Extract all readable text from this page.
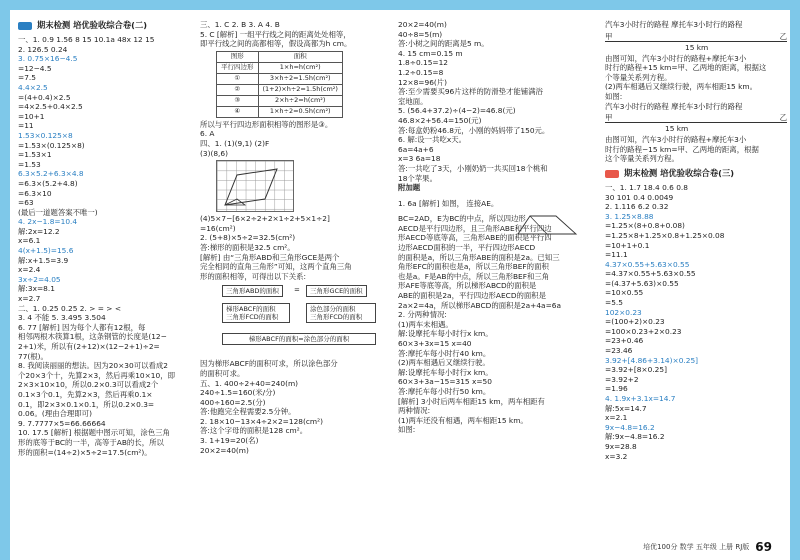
期末检测 培优验收综合卷(二)
一、1. 0.9 1.56 8 15 10.1a 48x 12 15
2. 126.5 0.24
3. 0.75×16−4.5
=12−4.5
=7.5
4.4×2.5
=(4+0.4)×2.5
=4×2.5+0.4×2.5
=10+1
=11
1.53×0.125×8
=1.53×(0.125×8)
=1.53×1
=1.53
6.3×5.2+6.3×4.8
=6.3×(5.2+4.8)
=6.3×10
=63
(最后一道题答案不唯一)
4. 2x−1.8=10.4
解:2x=12.2
x=6.1
4(x+1.5)=15.6
解:x+1.5=3.9
x=2.4
3x÷2=4.05
解:3x=8.1
x=2.7
二、1. 0.25 0.25 2. > = > <
3. 4 不能 5. 3.495 3.504
6. 77 [解析] 因为每个人都有12根，每
相邻两根木筷算1根，这条钢管的长度是(12−
2+1)米，所以有(2+12)×(12−2+1)÷2=
77(根)。
8. 我阅读丽丽的想法。因为20×30可以看成2
个20×3个十，先算2×3，然后再乘10×10，即
2×3×10×10，所以0.2×0.3可以看成2个
0.1×3个0.1，先算2×3，然后再乘0.1×
0.1，即2×3×0.1×0.1，所以0.2×0.3=
0.06。(理由合理即可)
9. 7.7777×5=66.66664
10. 17.5 [解析] 根据题中图示可知，涂色三角
形的底等于BC的一半，高等于AB的长，所以
形的面积=(14÷2)×5÷2=17.5(cm²)。
三、1. C 2. B 3. A 4. B
5. C [解析] 一组平行线之间的距离处处相等，
即平行线之间的高都相等，假设高都为h cm。
图形	面积
平行四边形	1×h=h(cm²)
①	3×h÷2=1.5h(cm²)
②	(1+2)×h÷2=1.5h(cm²)
③	2×h÷2=h(cm²)
④	1×h÷2=0.5h(cm²)
所以与平行四边形面积相等的图形是③。
6. A
四、1. (1)(9,1) (2)F
(3)(8,6)
(4)5×7−[6×2÷2+2×1÷2+5×1÷2]
=16(cm²)
2. (5+8)×5÷2=32.5(cm²)
答:梯形的面积是32.5 cm²。
[解析] 由“三角形ABD和三角形GCE是两个
完全相同的直角三角形”可知，这两个直角三角
形的面积相等，可得出以下关系:
三角形ABD的面积	=	三角形GCE的面积
梯形ABCF的面积
三角形FCD的面积
涂色部分的面积
三角形FCD的面积
梯形ABCF的面积=涂色部分的面积
因为梯形ABCF的面积可求，所以涂色部分
的面积可求。
五、1. 400÷2+40=240(m)
240÷1.5=160(米/分)
400÷160=2.5(分)
答:他跑完全程需要2.5分钟。
2. 18×10−13×4÷2×2=128(cm²)
答:这个字母的面积是128 cm²。
3. 1+19=20(名)
20×2=40(m)
20×2=40(m)
40÷8=5(m)
答:小树之间的距离是5 m。
4. 15 cm=0.15 m
1.8÷0.15=12
1.2÷0.15=8
12×8=96(片)
答:至少需要买96片这样的防滑垫才能铺满浴
室地面。
5. (56.4+37.2)÷(4−2)=46.8(元)
46.8×2+56.4=150(元)
答:每盒奶粉46.8元，小刚的妈妈带了150元。
6. 解:设一共吃x天。
6a=4a+6
x=3 6a=18
答:一共吃了3天，小刚奶奶一共买回18个桃和
18个苹果。
附加题
1. 6a [解析] 如图， 连接AE。
BC=2AD，E为BC的中点，所以四边形
AECD是平行四边形，且三角形ABE和平行四边
形AECD等底等高，三角形ABE的面积是平行四
边形AECD面积的一半，平行四边形AECD
的面积是a，所以三角形ABE的面积是2a。已知三
角形EFC的面积也是a，所以三角形BEF的面积
也是a。F是AB的中点，所以三角形BEF和三角
形AFE等底等高，所以梯形ABCD的面积是
ABE的面积是2a，平行四边形AECD的面积是
2a×2=4a，所以梯形ABCD的面积是2a+4a=6a
2. 分两种情况:
(1)两车未相遇。
解:设摩托车每小时行x km。
60×3+3x=15 x=40
答:摩托车每小时行40 km。
(2)两车相遇后又继续行驶。
解:设摩托车每小时行x km。
60×3+3a−15=315 x=50
答:摩托车每小时行50 km。
[解析] 3小时后两车相距15 km，两车相距有
两种情况:
(1)两车还没有相遇，两车相距15 km。
如图:
汽车3小时行的路程 摩托车3小时行的路程
甲	乙
15 km
由图可知，汽车3小时行的路程+摩托车3小
时行的路程+15 km=甲、乙两地的距离，根据这
个等量关系列方程。
(2)两车相遇后又继续行驶，两车相距15 km。
如图:
汽车3小时行的路程 摩托车3小时行的路程
甲	乙
15 km
由图可知，汽车3小时行的路程+摩托车3小
时行的路程−15 km=甲、乙两地的距离，根据
这个等量关系列方程。
期末检测 培优验收综合卷(三)
一、1. 1.7 18.4 0.6 0.8
30 101 0.4 0.0049
2. 1.116 6.2 0.32
3. 1.25×8.88
=1.25×(8+0.8+0.08)
=1.25×8+1.25×0.8+1.25×0.08
=10+1+0.1
=11.1
4.37×0.55+5.63×0.55
=4.37×0.55+5.63×0.55
=(4.37+5.63)×0.55
=10×0.55
=5.5
102×0.23
=(100+2)×0.23
=100×0.23+2×0.23
=23+0.46
=23.46
3.92+[4.86+3.14)×0.25]
=3.92+[8×0.25]
=3.92+2
=1.96
4. 1.9x+3.1x=14.7
解:5x=14.7
x=2.1
9x−4.8=16.2
解:9x−4.8=16.2
9x=28.8
x=3.2
培优100分 数学 五年级 上册 RJ版 69
